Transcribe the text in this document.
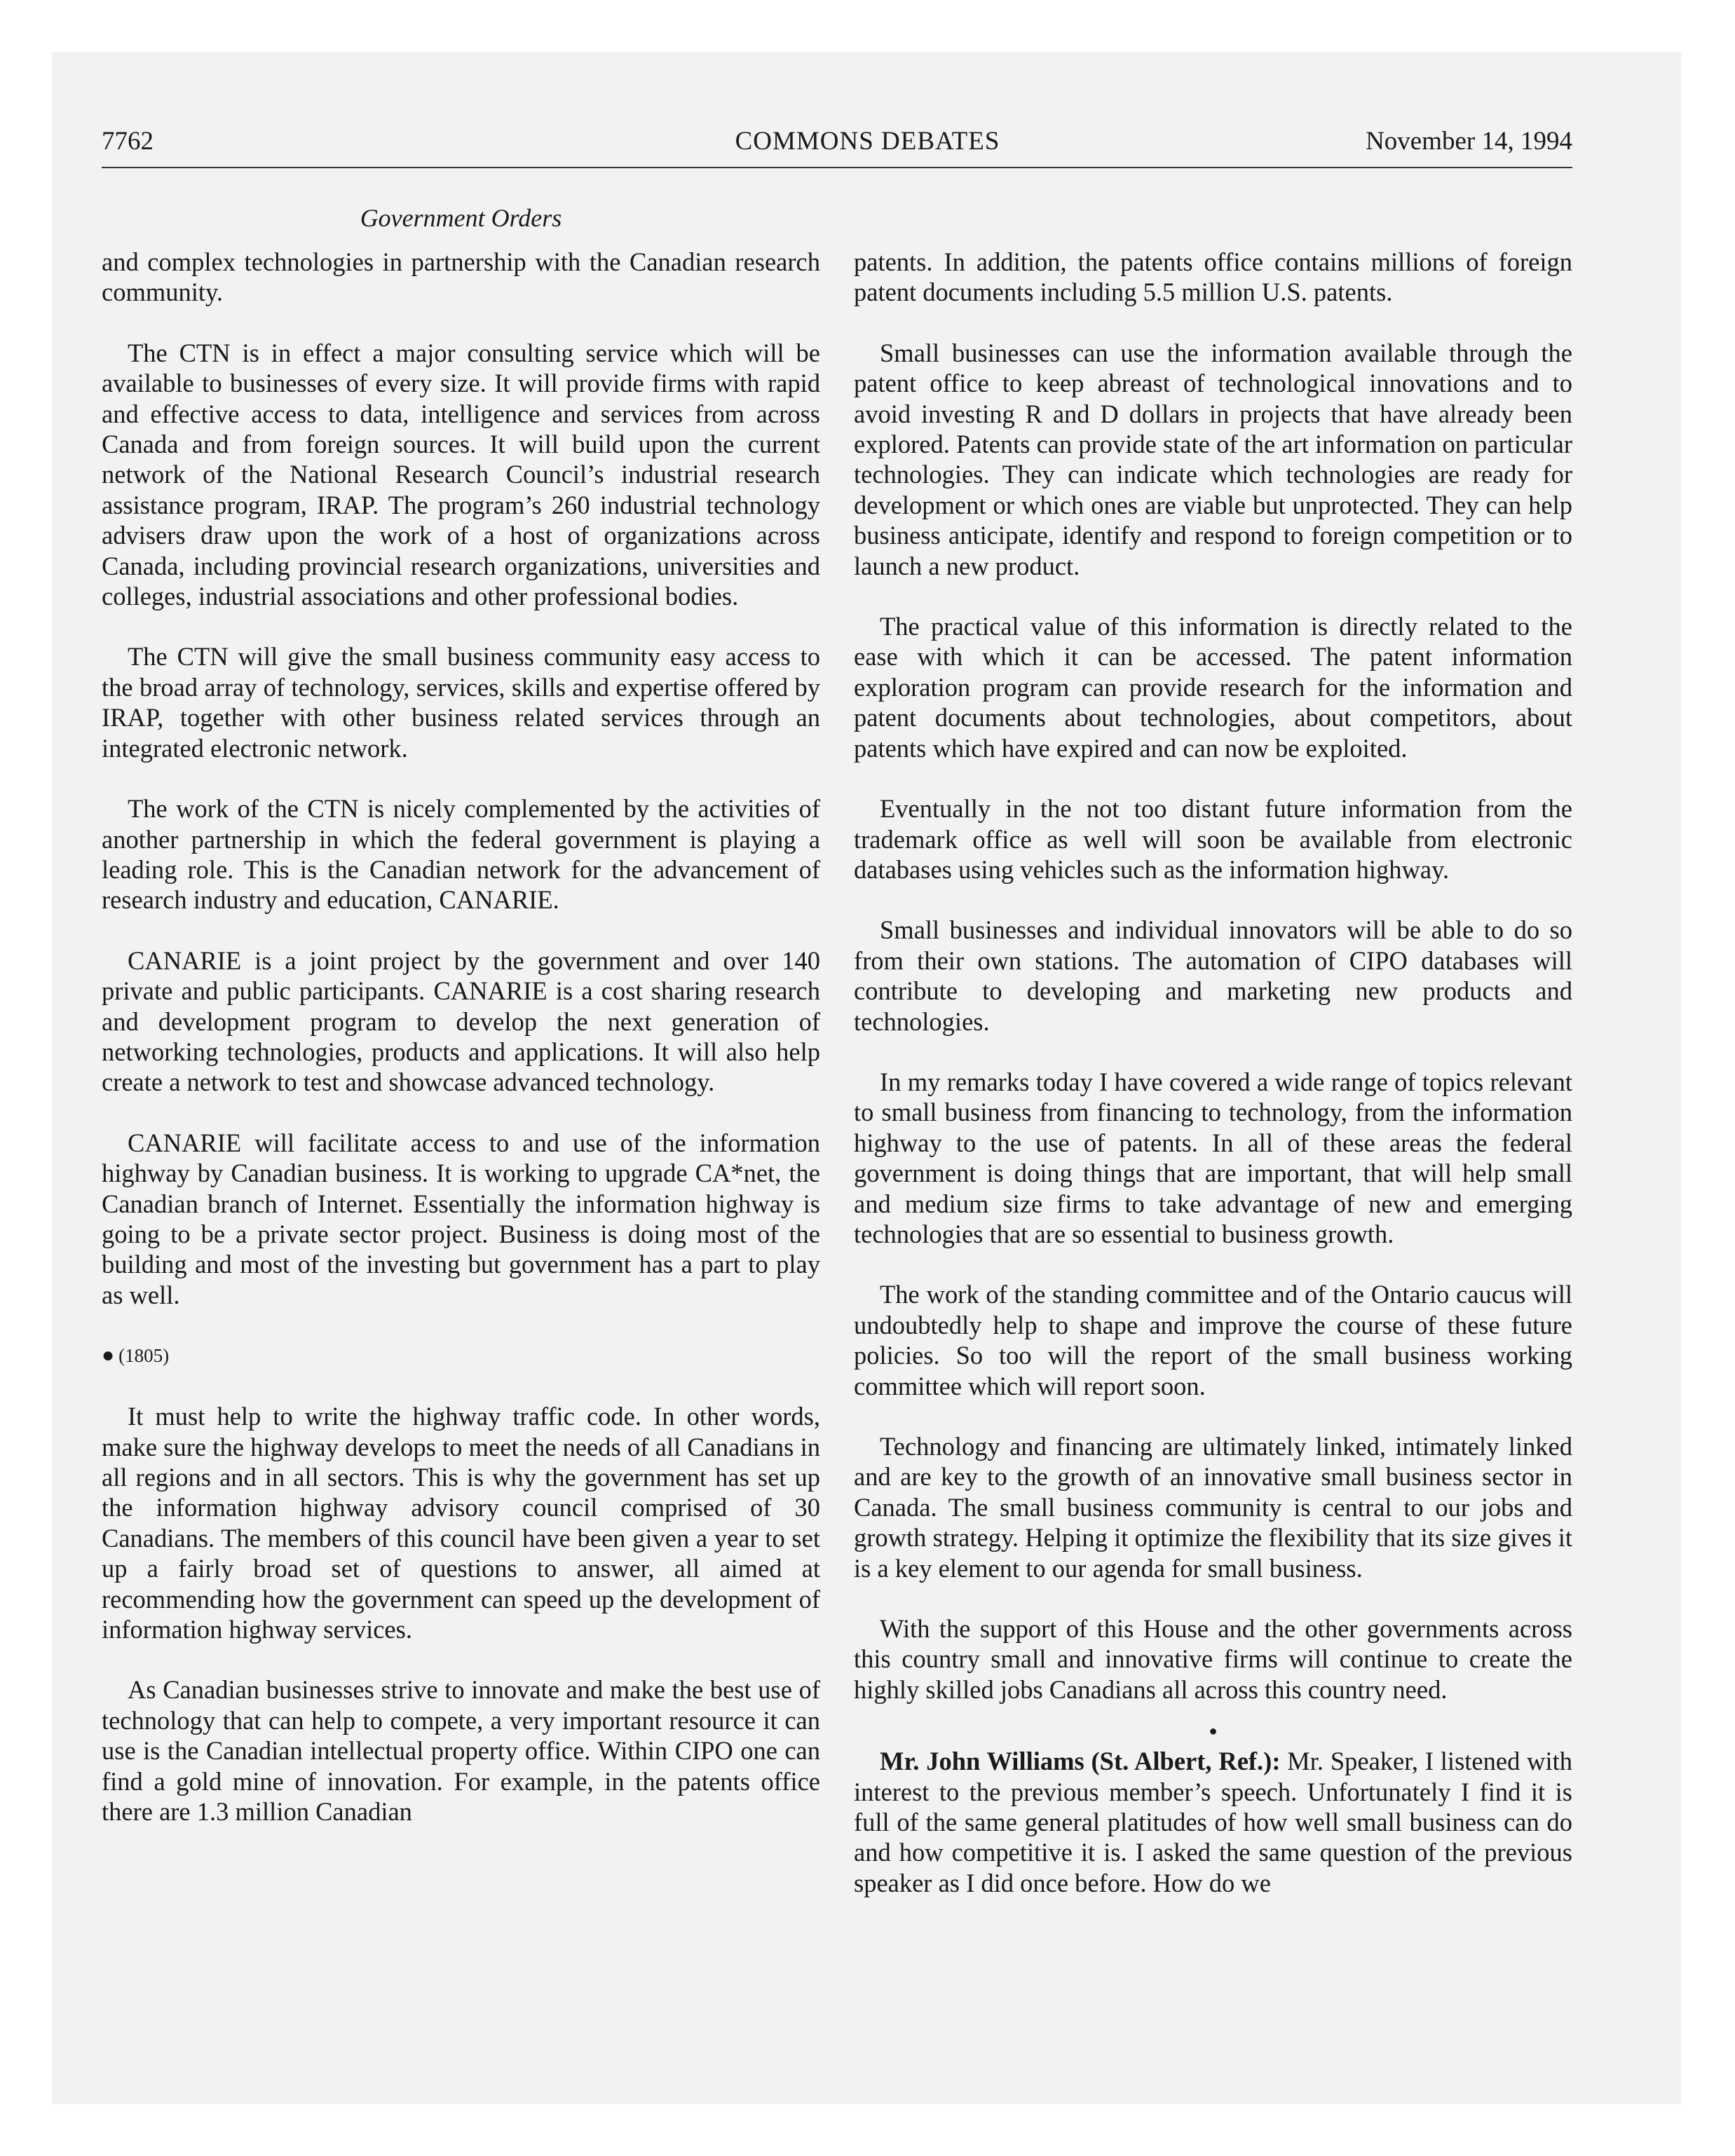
7762	COMMONS DEBATES	November 14, 1994
Government Orders

and complex technologies in partnership with the Canadian research community.

The CTN is in effect a major consulting service which will be available to businesses of every size. It will provide firms with rapid and effective access to data, intelligence and services from across Canada and from foreign sources. It will build upon the current network of the National Research Council’s industrial research assistance program, IRAP. The program’s 260 industrial technology advisers draw upon the work of a host of organizations across Canada, including provincial research organizations, universities and colleges, industrial associations and other professional bodies.

The CTN will give the small business community easy access to the broad array of technology, services, skills and expertise offered by IRAP, together with other business related services through an integrated electronic network.

The work of the CTN is nicely complemented by the activities of another partnership in which the federal government is playing a leading role. This is the Canadian network for the advancement of research industry and education, CANARIE.

CANARIE is a joint project by the government and over 140 private and public participants. CANARIE is a cost sharing research and development program to develop the next generation of networking technologies, products and applications. It will also help create a network to test and showcase advanced technology.

CANARIE will facilitate access to and use of the information highway by Canadian business. It is working to upgrade CA*net, the Canadian branch of Internet. Essentially the information highway is going to be a private sector project. Business is doing most of the building and most of the investing but government has a part to play as well.

● (1805)

It must help to write the highway traffic code. In other words, make sure the highway develops to meet the needs of all Canadians in all regions and in all sectors. This is why the government has set up the information highway advisory council comprised of 30 Canadians. The members of this council have been given a year to set up a fairly broad set of questions to answer, all aimed at recommending how the government can speed up the development of information highway services.

As Canadian businesses strive to innovate and make the best use of technology that can help to compete, a very important resource it can use is the Canadian intellectual property office. Within CIPO one can find a gold mine of innovation. For example, in the patents office there are 1.3 million Canadian

patents. In addition, the patents office contains millions of foreign patent documents including 5.5 million U.S. patents.

Small businesses can use the information available through the patent office to keep abreast of technological innovations and to avoid investing R and D dollars in projects that have already been explored. Patents can provide state of the art information on particular technologies. They can indicate which technologies are ready for development or which ones are viable but unprotected. They can help business anticipate, identify and respond to foreign competition or to launch a new product.

The practical value of this information is directly related to the ease with which it can be accessed. The patent information exploration program can provide research for the information and patent documents about technologies, about competitors, about patents which have expired and can now be exploited.

Eventually in the not too distant future information from the trademark office as well will soon be available from electronic databases using vehicles such as the information highway.

Small businesses and individual innovators will be able to do so from their own stations. The automation of CIPO databases will contribute to developing and marketing new products and technologies.

In my remarks today I have covered a wide range of topics relevant to small business from financing to technology, from the information highway to the use of patents. In all of these areas the federal government is doing things that are important, that will help small and medium size firms to take advantage of new and emerging technologies that are so essential to business growth.

The work of the standing committee and of the Ontario caucus will undoubtedly help to shape and improve the course of these future policies. So too will the report of the small business working committee which will report soon.

Technology and financing are ultimately linked, intimately linked and are key to the growth of an innovative small business sector in Canada. The small business community is central to our jobs and growth strategy. Helping it optimize the flexibility that its size gives it is a key element to our agenda for small business.

With the support of this House and the other governments across this country small and innovative firms will continue to create the highly skilled jobs Canadians all across this country need.

●

Mr. John Williams (St. Albert, Ref.): Mr. Speaker, I listened with interest to the previous member’s speech. Unfortunately I find it is full of the same general platitudes of how well small business can do and how competitive it is. I asked the same question of the previous speaker as I did once before. How do we
